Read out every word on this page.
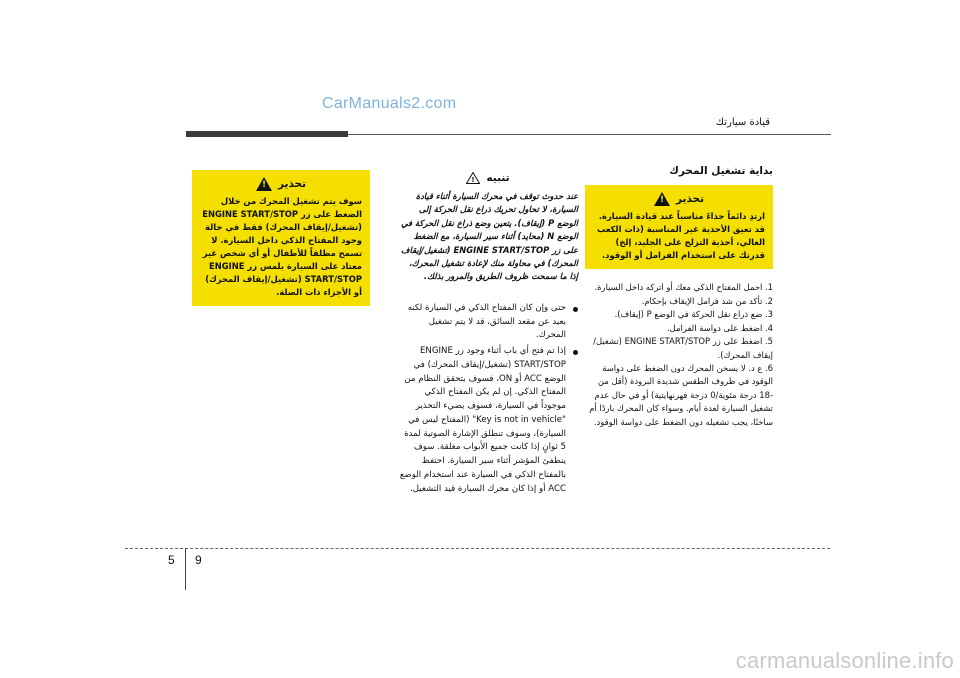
CarManuals2.com
قيادة سيارتك
بداية تشغيل المحرك
تحذير
!
ارتدِ دائماً حذاءً مناسباً عند قيادة السيارة. قد تعيق الأحذية غير المناسبة (ذات الكعب العالي، أحذية التزلج على الجليد، إلخ) قدرتك على استخدام الفرامل أو الوقود.
1. احمل المفتاح الذكي معك أو اتركه داخل السيارة.
2. تأكد من شد فرامل الإيقاف بإحكام.
3. ضع ذراع نقل الحركة في الوضع P (إيقاف).
4. اضغط على دواسة الفرامل.
5. اضغط على زر ENGINE START/STOP (تشغيل/إيقاف المحرك).
6. ع د. لا يسخن المحرك دون الضغط على دواسة الوقود في ظروف الطقس شديدة البرودة (أقل من -18 درجة مئوية/0 درجة فهرنهايتية) أو في حال عدم تشغيل السيارة لعدة أيام. وسواء كان المحرك باردًا أم ساخنًا، يجب تشغيله دون الضغط على دواسة الوقود.
تنبيه
!
عند حدوث توقف في محرك السيارة أثناء قيادة السيارة، لا تحاول تحريك ذراع نقل الحركة إلى الوضع P (إيقاف). يتعين وضع ذراع نقل الحركة في الوضع N (محايد) أثناء سير السيارة، مع الضغط على زر ENGINE START/STOP (تشغيل/إيقاف المحرك) في محاولة منك لإعادة تشغيل المحرك، إذا ما سمحت ظروف الطريق والمرور بذلك.
حتى وإن كان المفتاح الذكي في السيارة لكنه بعيد عن مقعد السائق، قد لا يتم تشغيل المحرك.
إذا تم فتح أي باب أثناء وجود زر ENGINE START/STOP (تشغيل/إيقاف المحرك) في الوضع ACC أو ON، فسوف يتحقق النظام من المفتاح الذكي. إن لم يكن المفتاح الذكي موجوداً في السيارة، فسوف يضيء التحذير "Key is not in vehicle" (المفتاح ليس في السيارة)، وسوف تنطلق الإشارة الصوتية لمدة 5 ثوانٍ إذا كانت جميع الأبواب مغلقة. سوف ينطفئ المؤشر أثناء سير السيارة. احتفظ بالمفتاح الذكي في السيارة عند استخدام الوضع ACC أو إذا كان محرك السيارة قيد التشغيل.
تحذير
!
سوف يتم تشغيل المحرك من خلال الضغط على زر ENGINE START/STOP (تشغيل/إيقاف المحرك) فقط في حالة وجود المفتاح الذكي داخل السيارة. لا تسمح مطلقاً للأطفال أو أي شخص غير معتاد على السيارة بلمس زر ENGINE START/STOP (تشغيل/إيقاف المحرك) أو الأجزاء ذات الصلة.
5 9
carmanualsonline.info
